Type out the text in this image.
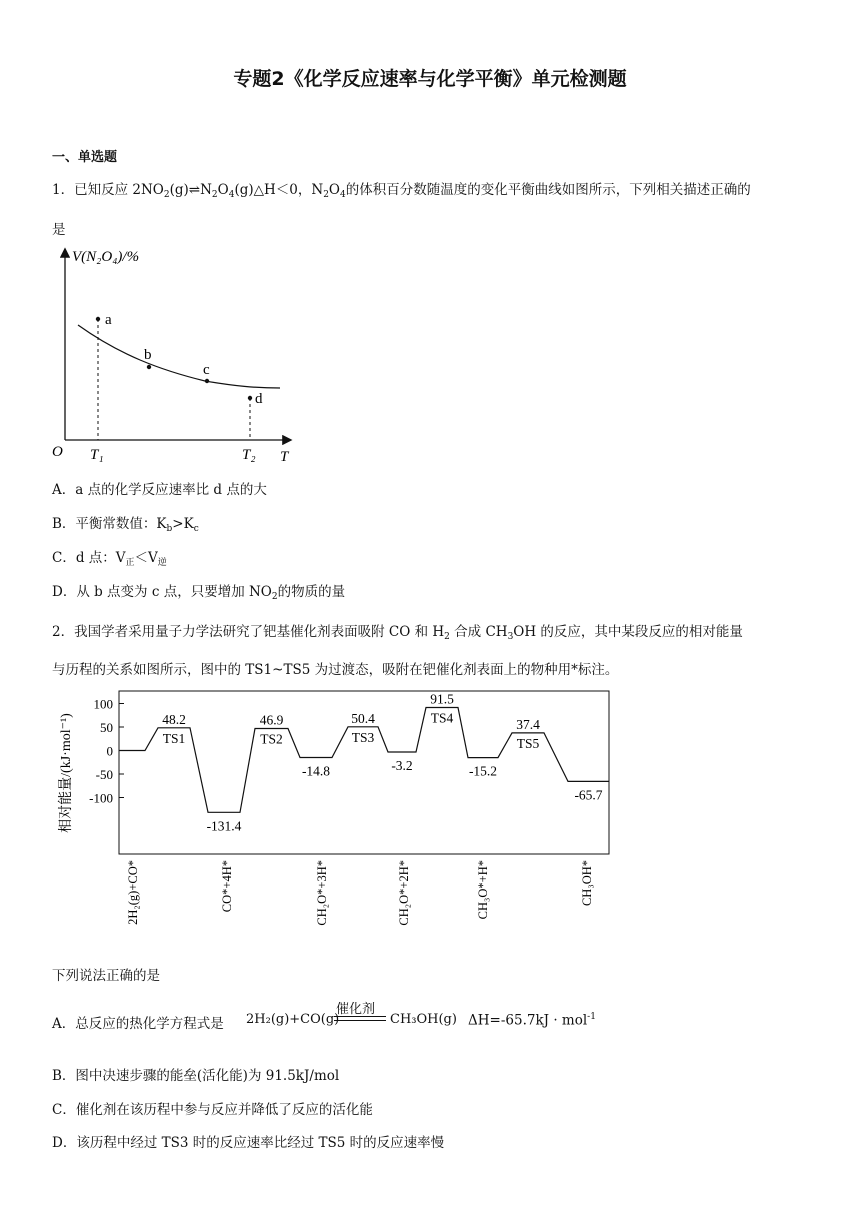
专题2《化学反应速率与化学平衡》单元检测题
一、单选题
1．已知反应 $2NO_2(g)\rightleftharpoons N_2O_4(g)\triangle H<0$，$N_2O_4$的体积百分数随温度的变化平衡曲线如图所示，下列相关描述正确的
是
V(N₂O₄)/%
a
b
c
d
O T₁	T₂ T
A．a 点的化学反应速率比 d 点的大
B．平衡常数值：$K_b>K_c$
C．d 点：$V_正<V_逆$
D．从 b 点变为 c 点，只要增加 $NO_2$的物质的量
2．我国学者采用量子力学法研究了钯基催化剂表面吸附 CO 和 $H_2$ 合成 $CH_3OH$ 的反应，其中某段反应的相对能量
与历程的关系如图所示，图中的 TS1~TS5 为过渡态，吸附在钯催化剂表面上的物种用*标注。
相对能量/(kJ·mol⁻¹)
100
50
0
-50
-100
48.2
TS1
-131.4
46.9
TS2
-14.8
50.4
TS3
-3.2
91.5
TS4
-15.2
37.4
TS5
-65.7
2H₂(g)+CO*	CO*+4H*	CH₂O*+3H*	CH₂O*+2H*	CH₃O*+H*	CH₃OH*
下列说法正确的是
A．总反应的热化学方程式是 2H₂(g)+CO(g)
催化剂
CH₃OH(g) ΔH=-65.7kJ · mol$^{-1}$
B．图中决速步骤的能垒(活化能)为 91.5kJ/mol
C．催化剂在该历程中参与反应并降低了反应的活化能
D．该历程中经过 TS3 时的反应速率比经过 TS5 时的反应速率慢
